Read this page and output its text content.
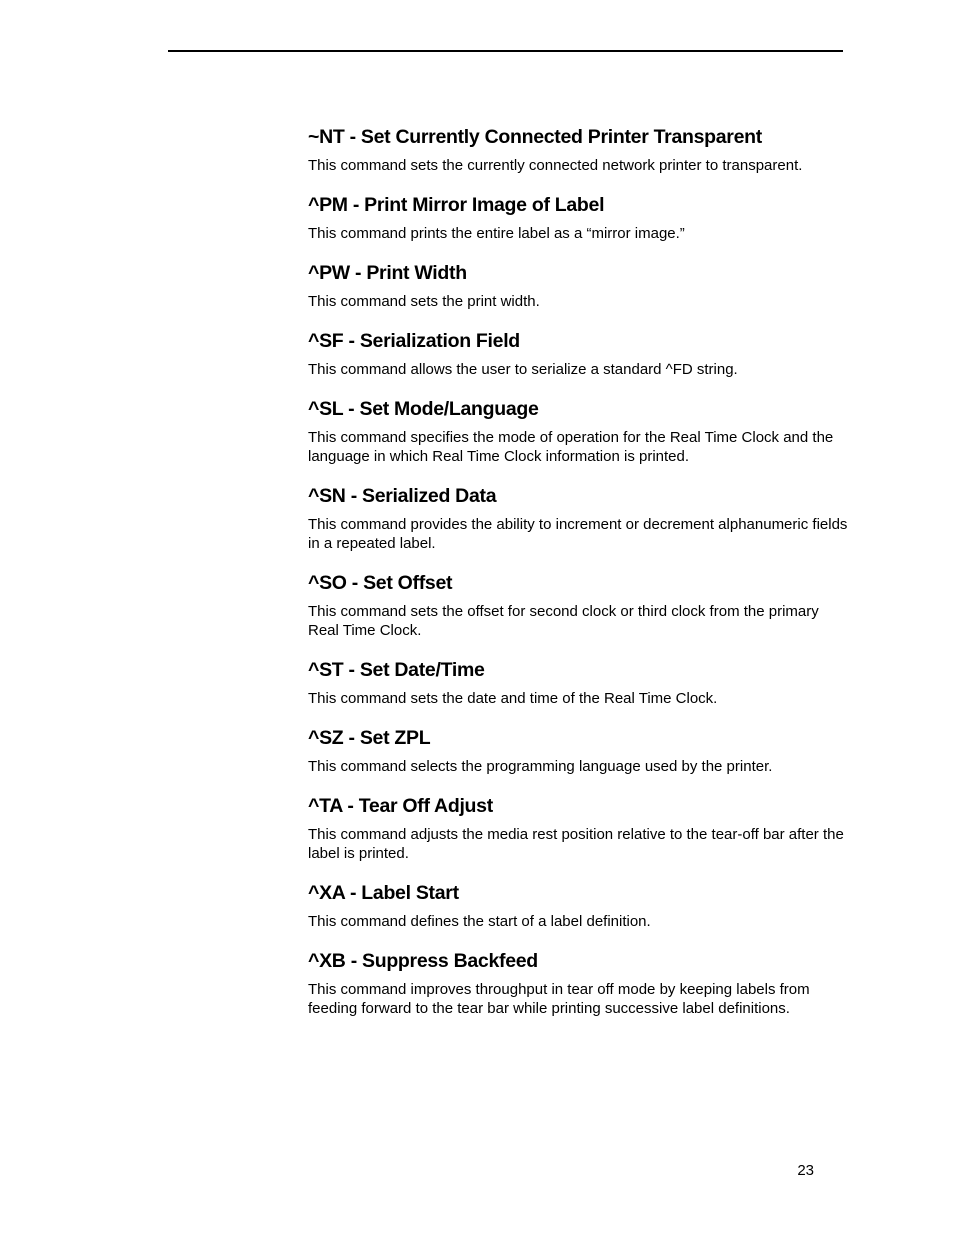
~NT - Set Currently Connected Printer Transparent

This command sets the currently connected network printer to transparent.

^PM - Print Mirror Image of Label

This command prints the entire label as a “mirror image.”

^PW - Print Width

This command sets the print width.

^SF - Serialization Field

This command allows the user to serialize a standard ^FD string.

^SL - Set Mode/Language

This command specifies the mode of operation for the Real Time Clock and the language in which Real Time Clock information is printed.

^SN - Serialized Data

This command provides the ability to increment or decrement alphanumeric fields in a repeated label.

^SO - Set Offset

This command sets the offset for second clock or third clock from the primary Real Time Clock.

^ST - Set Date/Time

This command sets the date and time of the Real Time Clock.

^SZ - Set ZPL

This command selects the programming language used by the printer.

^TA - Tear Off Adjust

This command adjusts the media rest position relative to the tear-off bar after the label is printed.

^XA - Label Start

This command defines the start of a label definition.

^XB - Suppress Backfeed

This command improves throughput in tear off mode by keeping labels from feeding forward to the tear bar while printing successive label definitions.

23
